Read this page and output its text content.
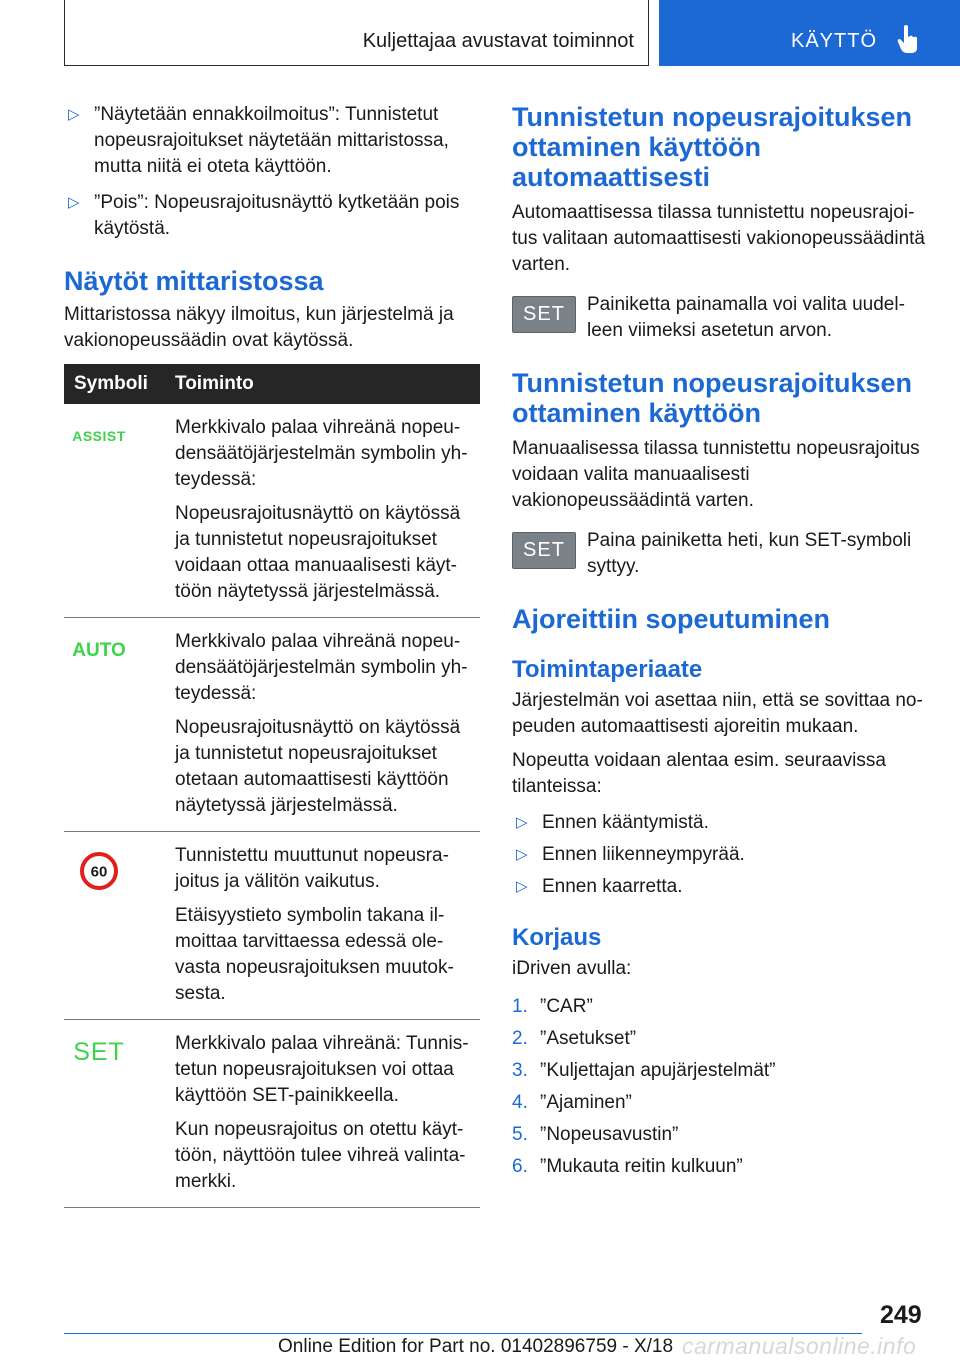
Kuljettajaa avustavat toiminnot	KÄYTTÖ
▷ ”Näytetään ennakkoilmoitus”: Tunnistetut nopeusrajoitukset näytetään mittaristossa, mutta niitä ei oteta käyttöön.
▷ ”Pois”: Nopeusrajoitusnäyttö kytketään pois käytöstä.
Näytöt mittaristossa

Mittaristossa näkyy ilmoitus, kun järjestelmä ja vakionopeussäädin ovat käytössä.

Symboli Toiminto
ASSIST	Merkkivalo palaa vihreänä nopeudensäätöjärjestelmän symbolin yhteydessä:

Nopeusrajoitusnäyttö on käytössä ja tunnistetut nopeusrajoitukset voidaan ottaa manuaalisesti käyttöön näytetyssä järjestelmässä.

AUTO	Merkkivalo palaa vihreänä nopeudensäätöjärjestelmän symbolin yhteydessä:

Nopeusrajoitusnäyttö on käytössä ja tunnistetut nopeusrajoitukset otetaan automaattisesti käyttöön näytetyssä järjestelmässä.

60

Tunnistettu muuttunut nopeusrajoitus ja välitön vaikutus.

Etäisyystieto symbolin takana ilmoittaa tarvittaessa edessä olevasta nopeusrajoituksen muutoksesta.

SET	Merkkivalo palaa vihreänä: Tunnistetun nopeusrajoituksen voi ottaa käyttöön SET-painikkeella.

Kun nopeusrajoitus on otettu käyttöön, näyttöön tulee vihreä valintamerkki.

Tunnistetun nopeusrajoituksen ottaminen käyttöön automaattisesti

Automaattisessa tilassa tunnistettu nopeusrajoitus valitaan automaattisesti vakionopeussäädintä varten.

SET	Painiketta painamalla voi valita uudelleen viimeksi asetetun arvon.

Tunnistetun nopeusrajoituksen ottaminen käyttöön

Manuaalisessa tilassa tunnistettu nopeusrajoitus voidaan valita manuaalisesti vakionopeussäädintä varten.

SET	Paina painiketta heti, kun SET-symboli syttyy.

Ajoreittiin sopeutuminen
Toimintaperiaate

Järjestelmän voi asettaa niin, että se sovittaa nopeuden automaattisesti ajoreitin mukaan.

Nopeutta voidaan alentaa esim. seuraavissa tilanteissa:

▷ Ennen kääntymistä.
▷ Ennen liikenneympyrää.
▷ Ennen kaarretta.
Korjaus

iDriven avulla:

1. ”CAR”
2. ”Asetukset”
3. ”Kuljettajan apujärjestelmät”
4. ”Ajaminen”
5. ”Nopeusavustin”
6. ”Mukauta reitin kulkuun”
249
Online Edition for Part no. 01402896759 - X/18 carmanualsonline.info
